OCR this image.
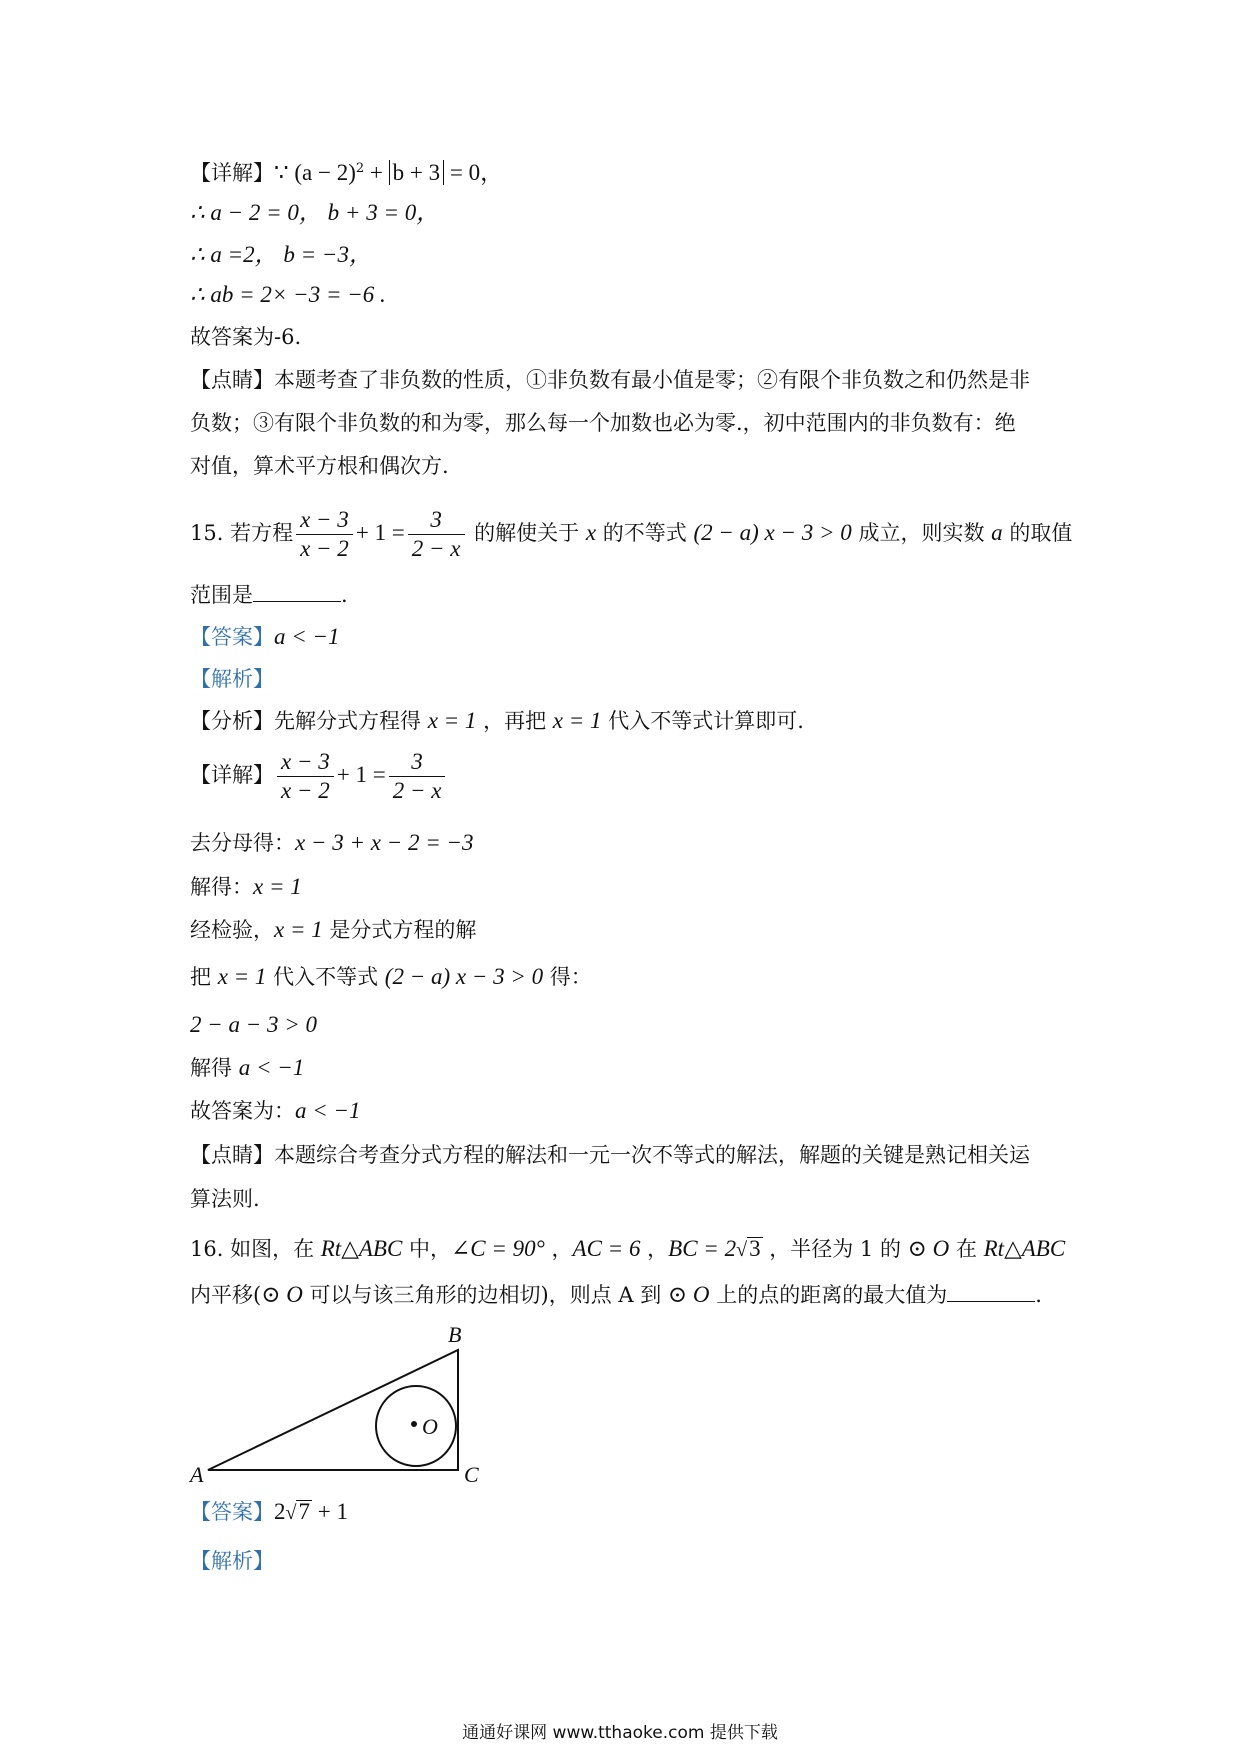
【详解】∵ $(a - 2)^2 + b + 3 = 0$，
∴ a − 2 = 0， b + 3 = 0，
∴ a =2， b = −3，
∴ ab = 2× −3 = −6 .
故答案为-6.
【点睛】本题考查了非负数的性质，①非负数有最小值是零；②有限个非负数之和仍然是非
负数；③有限个非负数的和为零，那么每一个加数也必为零.，初中范围内的非负数有：绝
对值，算术平方根和偶次方.
15. 若方程 $\frac{x - 3}{x - 2} + 1 = \frac{3}{2 - x}$ 的解使关于 x 的不等式 (2 − a) x − 3 > 0 成立，则实数 a 的取值
范围是	.
【答案】a < −1
【解析】
【分析】先解分式方程得 x = 1 ，再把 x = 1 代入不等式计算即可.
【详解】 $\frac{x - 3}{x - 2} + 1 = \frac{3}{2 - x}$
去分母得：x − 3 + x − 2 = −3
解得：x = 1
经检验，x = 1 是分式方程的解
把 x = 1 代入不等式 (2 − a) x − 3 > 0 得：
2 − a − 3 > 0
解得 a < −1
故答案为：a < −1
【点睛】本题综合考查分式方程的解法和一元一次不等式的解法，解题的关键是熟记相关运
算法则.
16. 如图，在 Rt△ABC 中，∠C = 90° ，AC = 6 ，BC = 2√3 ，半径为 1 的 ⊙ O 在 Rt△ABC
内平移(⊙ O 可以与该三角形的边相切)，则点 A 到 ⊙ O 上的点的距离的最大值为	.
B
A	C
O
【答案】2√7 + 1
【解析】
通通好课网 www.tthaoke.com 提供下载
